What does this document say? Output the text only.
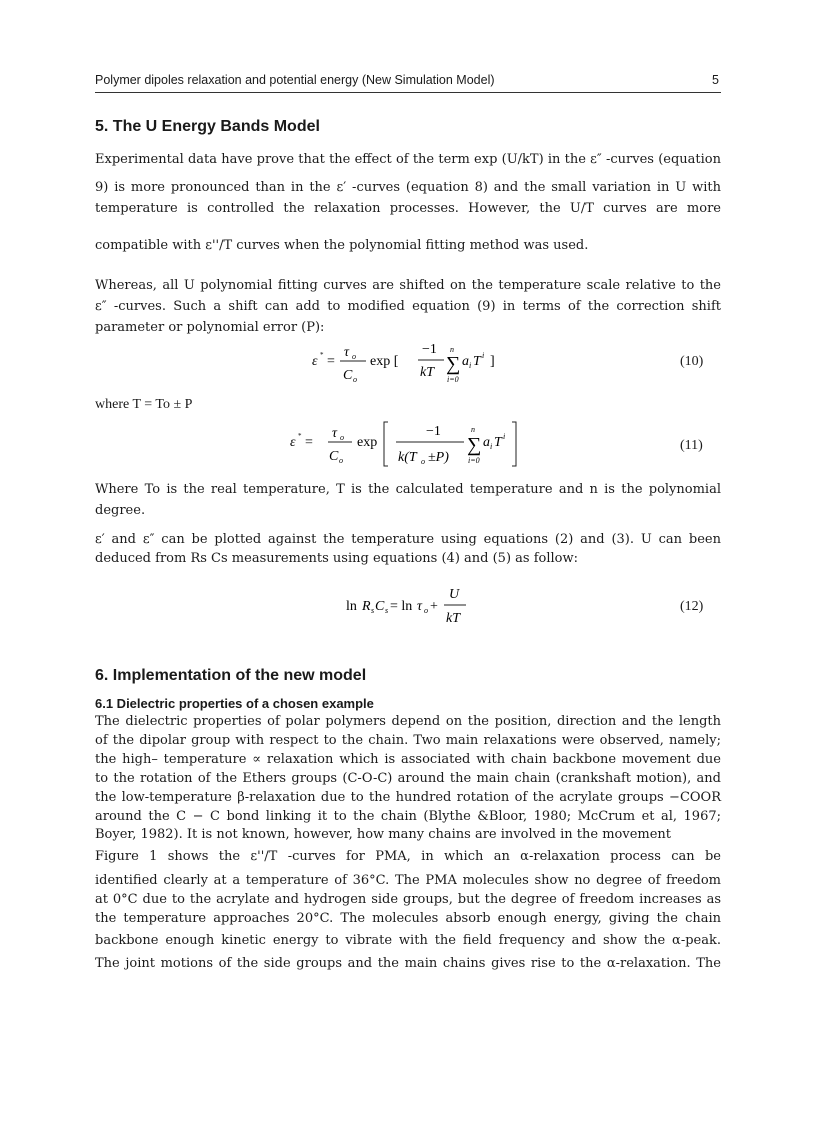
Polymer dipoles relaxation and potential energy (New Simulation Model)	5
5. The U Energy Bands Model
Experimental data have prove that the effect of the term exp (U/kT) in the ε″ -curves (equation
9) is more pronounced than in the ε′ -curves (equation 8) and the small variation in U with
temperature is controlled the relaxation processes. However, the U/T curves are more
compatible with ε''/T curves when the polynomial fitting method was used.
Whereas, all U polynomial fitting curves are shifted on the temperature scale relative to the
ε″ -curves. Such a shift can add to modified equation (9) in terms of the correction shift
parameter or polynomial error (P):
ε * =
τ o
C o
exp [
−1
kT ∑
n
i=0
a i T i ]	(10)
where T = To ± P
ε * =
τ o
C o
exp
−1
k(T o ±P)
∑
n
i=0
a i T i
(11)
Where To is the real temperature, T is the calculated temperature and n is the polynomial
degree.
ε′ and ε″ can be plotted against the temperature using equations (2) and (3). U can been
deduced from Rs Cs measurements using equations (4) and (5) as follow:
ln R s C s = ln τ o +
U
kT
(12)
6. Implementation of the new model
6.1 Dielectric properties of a chosen example
The dielectric properties of polar polymers depend on the position, direction and the length
of the dipolar group with respect to the chain. Two main relaxations were observed, namely;
the high– temperature ∝ relaxation which is associated with chain backbone movement due
to the rotation of the Ethers groups (C-O-C) around the main chain (crankshaft motion), and
the low-temperature β-relaxation due to the hundred rotation of the acrylate groups −COOR
around the C − C bond linking it to the chain (Blythe &Bloor, 1980; McCrum et al, 1967;
Boyer, 1982). It is not known, however, how many chains are involved in the movement
Figure 1 shows the ε''/T -curves for PMA, in which an α-relaxation process can be
identified clearly at a temperature of 36°C. The PMA molecules show no degree of freedom
at 0°C due to the acrylate and hydrogen side groups, but the degree of freedom increases as
the temperature approaches 20°C. The molecules absorb enough energy, giving the chain
backbone enough kinetic energy to vibrate with the field frequency and show the α-peak.
The joint motions of the side groups and the main chains gives rise to the α-relaxation. The
